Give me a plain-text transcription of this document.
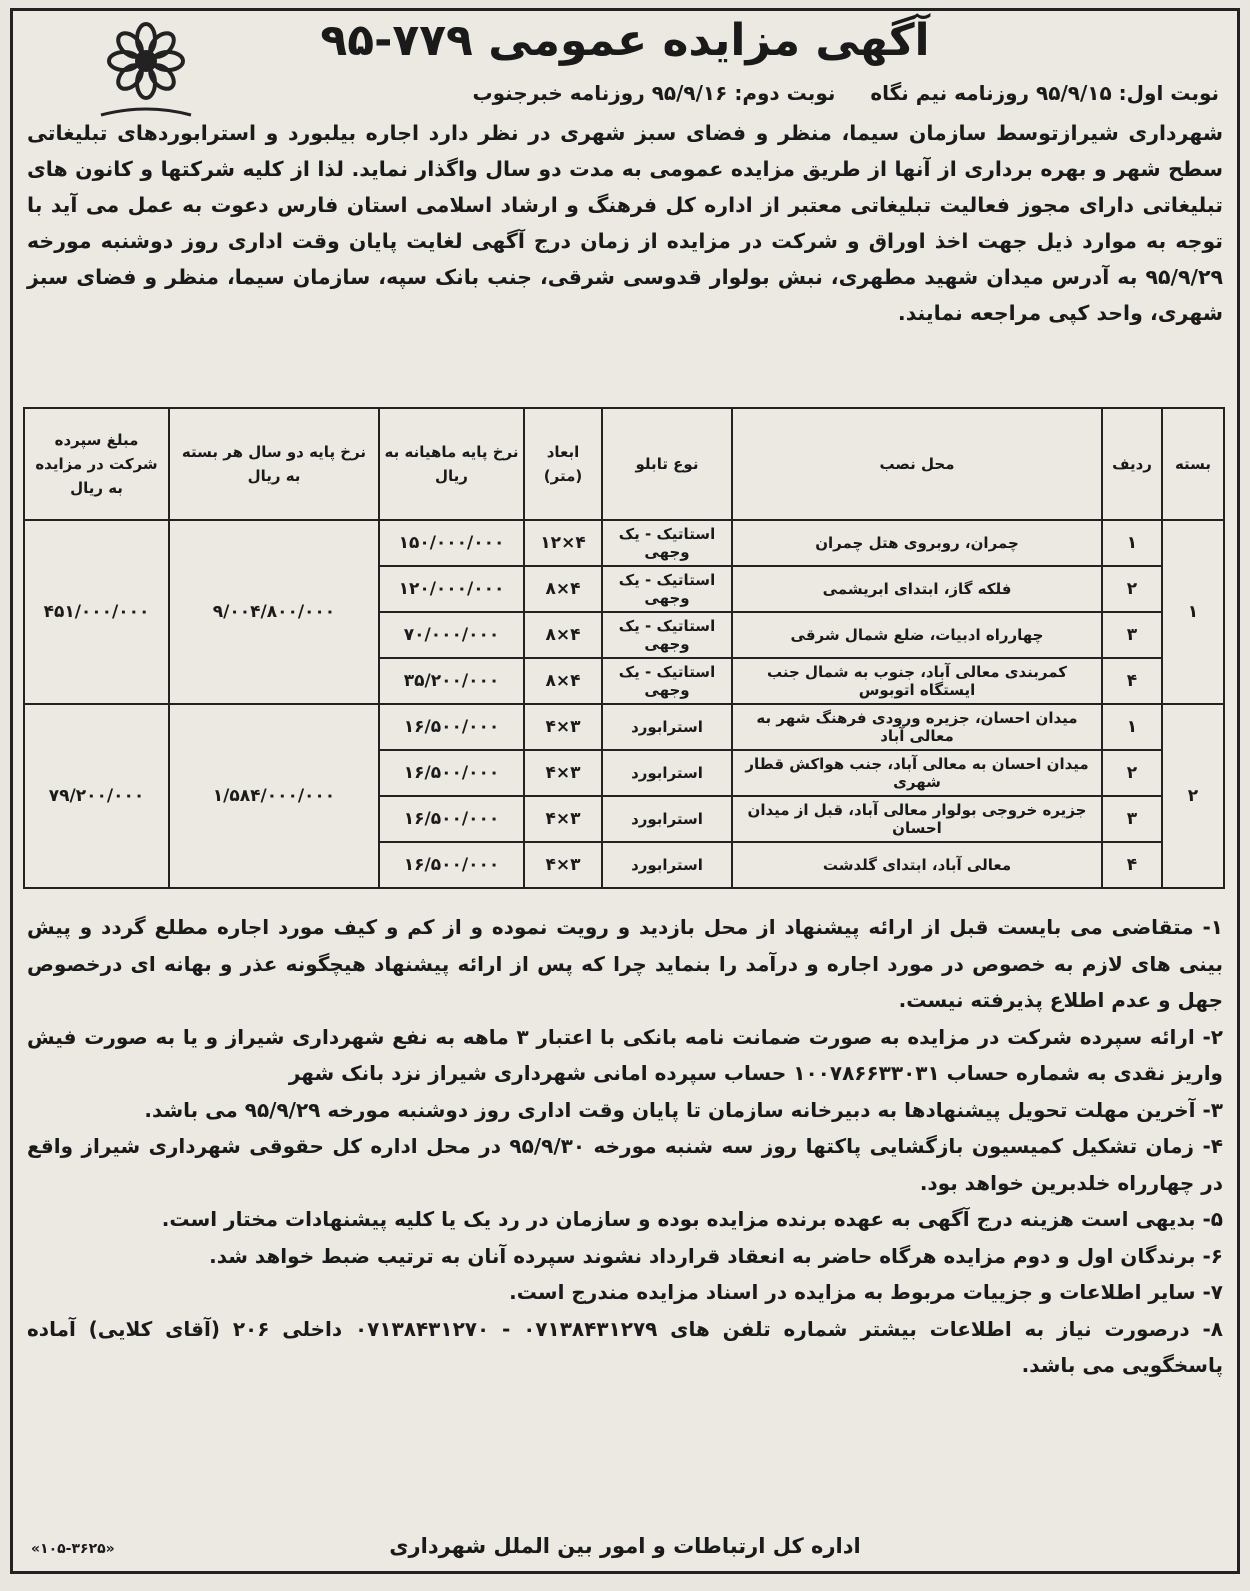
آگهی مزایده عمومی ۷۷۹-۹۵
نوبت اول: ۹۵/۹/۱۵ روزنامه نیم نگاه نوبت دوم: ۹۵/۹/۱۶ روزنامه خبرجنوب
شهرداری شیرازتوسط سازمان سیما، منظر و فضای سبز شهری در نظر دارد اجاره بیلبورد و استرابوردهای تبلیغاتی سطح شهر و بهره برداری از آنها از طریق مزایده عمومی به مدت دو سال واگذار نماید. لذا از کلیه شرکتها و کانون های تبلیغاتی دارای مجوز فعالیت تبلیغاتی معتبر از اداره کل فرهنگ و ارشاد اسلامی استان فارس دعوت به عمل می آید با توجه به موارد ذیل جهت اخذ اوراق و شرکت در مزایده از زمان درج آگهی لغایت پایان وقت اداری روز دوشنبه مورخه ۹۵/۹/۲۹ به آدرس میدان شهید مطهری، نبش بولوار قدوسی شرقی، جنب بانک سپه، سازمان سیما، منظر و فضای سبز شهری، واحد کپی مراجعه نمایند.
بسته	ردیف	محل نصب	نوع تابلو	ابعاد (متر)	نرخ پایه ماهیانه به ریال	نرخ پایه دو سال هر بسته به ریال	مبلغ سپرده شرکت در مزایده به ریال
۱	۱	چمران، روبروی هتل چمران	استاتیک - یک وجهی	۴×۱۲	۱۵۰/۰۰۰/۰۰۰	۹/۰۰۴/۸۰۰/۰۰۰	۴۵۱/۰۰۰/۰۰۰
	۲	فلکه گاز، ابتدای ابریشمی	استاتیک - یک وجهی	۴×۸	۱۲۰/۰۰۰/۰۰۰		
	۳	چهارراه ادبیات، ضلع شمال شرقی	استاتیک - یک وجهی	۴×۸	۷۰/۰۰۰/۰۰۰		
	۴	کمربندی معالی آباد، جنوب به شمال جنب ایستگاه اتوبوس	استاتیک - یک وجهی	۴×۸	۳۵/۲۰۰/۰۰۰		
۲	۱	میدان احسان، جزیره ورودی فرهنگ شهر به معالی آباد	استرابورد	۳×۴	۱۶/۵۰۰/۰۰۰	۱/۵۸۴/۰۰۰/۰۰۰	۷۹/۲۰۰/۰۰۰
	۲	میدان احسان به معالی آباد، جنب هواکش قطار شهری	استرابورد	۳×۴	۱۶/۵۰۰/۰۰۰		
	۳	جزیره خروجی بولوار معالی آباد، قبل از میدان احسان	استرابورد	۳×۴	۱۶/۵۰۰/۰۰۰		
	۴	معالی آباد، ابتدای گلدشت	استرابورد	۳×۴	۱۶/۵۰۰/۰۰۰		

۱- متقاضی می بایست قبل از ارائه پیشنهاد از محل بازدید و رویت نموده و از کم و کیف مورد اجاره مطلع گردد و پیش بینی های لازم به خصوص در مورد اجاره و درآمد را بنماید چرا که پس از ارائه پیشنهاد هیچگونه عذر و بهانه ای درخصوص جهل و عدم اطلاع پذیرفته نیست.

۲- ارائه سپرده شرکت در مزایده به صورت ضمانت نامه بانکی با اعتبار ۳ ماهه به نفع شهرداری شیراز و یا به صورت فیش واریز نقدی به شماره حساب ۱۰۰۷۸۶۶۳۳۰۳۱ حساب سپرده امانی شهرداری شیراز نزد بانک شهر

۳- آخرین مهلت تحویل پیشنهادها به دبیرخانه سازمان تا پایان وقت اداری روز دوشنبه مورخه ۹۵/۹/۲۹ می باشد.

۴- زمان تشکیل کمیسیون بازگشایی پاکتها روز سه شنبه مورخه ۹۵/۹/۳۰ در محل اداره کل حقوقی شهرداری شیراز واقع در چهارراه خلدبرین خواهد بود.

۵- بدیهی است هزینه درج آگهی به عهده برنده مزایده بوده و سازمان در رد یک یا کلیه پیشنهادات مختار است.

۶- برندگان اول و دوم مزایده هرگاه حاضر به انعقاد قرارداد نشوند سپرده آنان به ترتیب ضبط خواهد شد.

۷- سایر اطلاعات و جزییات مربوط به مزایده در اسناد مزایده مندرج است.

۸- درصورت نیاز به اطلاعات بیشتر شماره تلفن های ۰۷۱۳۸۴۳۱۲۷۹ - ۰۷۱۳۸۴۳۱۲۷۰ داخلی ۲۰۶ (آقای کلایی) آماده پاسخگویی می باشد.

اداره کل ارتباطات و امور بین الملل شهرداری
«۱۰۵-۳۶۲۵»
